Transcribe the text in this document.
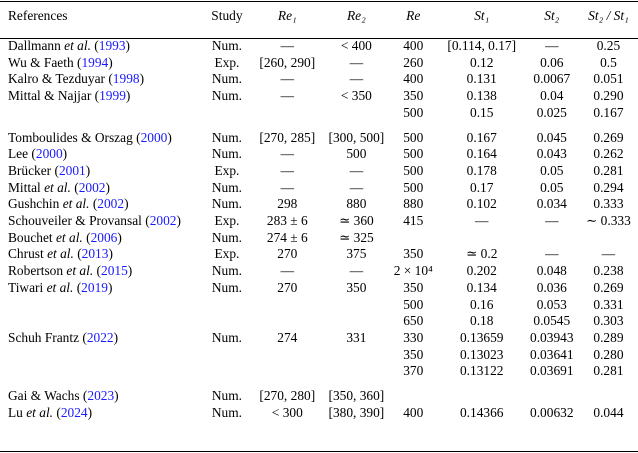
References	Study	Re₁	Re₂	Re	St₁	St₂	St₂ / St₁
Dallmann et al. (1993)	Num.	—	< 400	400	[0.114, 0.17]	—	0.25
Wu & Faeth (1994)	Exp.	[260, 290]	—	260	0.12	0.06	0.5
Kalro & Tezduyar (1998)	Num.	—	—	400	0.131	0.0067	0.051
Mittal & Najjar (1999)	Num.	—	< 350	350	0.138	0.04	0.290
				500	0.15	0.025	0.167
Tomboulides & Orszag (2000)	Num.	[270, 285]	[300, 500]	500	0.167	0.045	0.269
Lee (2000)	Num.	—	500	500	0.164	0.043	0.262
Brücker (2001)	Exp.	—	—	500	0.178	0.05	0.281
Mittal et al. (2002)	Num.	—	—	500	0.17	0.05	0.294
Gushchin et al. (2002)	Num.	298	880	880	0.102	0.034	0.333
Schouveiler & Provansal (2002)	Exp.	283 ± 6	≃ 360	415	—	—	∼ 0.333
Bouchet et al. (2006)	Num.	274 ± 6	≃ 325				
Chrust et al. (2013)	Exp.	270	375	350	≃ 0.2	—	—
Robertson et al. (2015)	Num.	—	—	2 × 10⁴	0.202	0.048	0.238
Tiwari et al. (2019)	Num.	270	350	350	0.134	0.036	0.269
				500	0.16	0.053	0.331
				650	0.18	0.0545	0.303
Schuh Frantz (2022)	Num.	274	331	330	0.13659	0.03943	0.289
				350	0.13023	0.03641	0.280
				370	0.13122	0.03691	0.281
Gai & Wachs (2023)	Num.	[270, 280]	[350, 360]				
Lu et al. (2024)	Num.	< 300	[380, 390]	400	0.14366	0.00632	0.044
